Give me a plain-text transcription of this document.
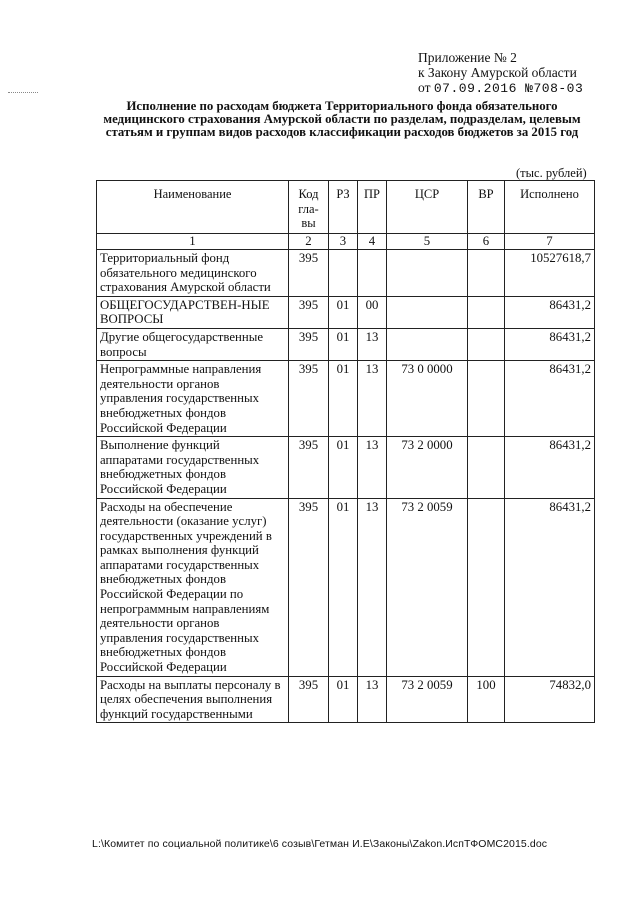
Приложение № 2
к Закону Амурской области
от 07.09.2016 №708-03
Исполнение по расходам бюджета Территориального фонда обязательного медицинского страхования Амурской области по разделам, подразделам, целевым статьям и группам видов расходов классификации расходов бюджетов за 2015 год
(тыс. рублей)
Наименование	Код гла-вы	РЗ	ПР	ЦСР	ВР	Исполнено
1	2	3	4	5	6	7
Территориальный фонд обязательного медицинского страхования Амурской области	395					10527618,7
ОБЩЕГОСУДАРСТВЕН-НЫЕ ВОПРОСЫ	395	01	00			86431,2
Другие общегосударственные вопросы	395	01	13			86431,2
Непрограммные направления деятельности органов управления государственных внебюджетных фондов Российской Федерации	395	01	13	73 0 0000		86431,2
Выполнение функций аппаратами государственных внебюджетных фондов Российской Федерации	395	01	13	73 2 0000		86431,2
Расходы на обеспечение деятельности (оказание услуг) государственных учреждений в рамках выполнения функций аппаратами государственных внебюджетных фондов Российской Федерации по непрограммным направлениям деятельности органов управления государственных внебюджетных фондов Российской Федерации	395	01	13	73 2 0059		86431,2
Расходы на выплаты персоналу в целях обеспечения выполнения функций государственными	395	01	13	73 2 0059	100	74832,0
L:\Комитет по социальной политике\6 созыв\Гетман И.Е\Законы\Zakon.ИспТФОМС2015.doc
